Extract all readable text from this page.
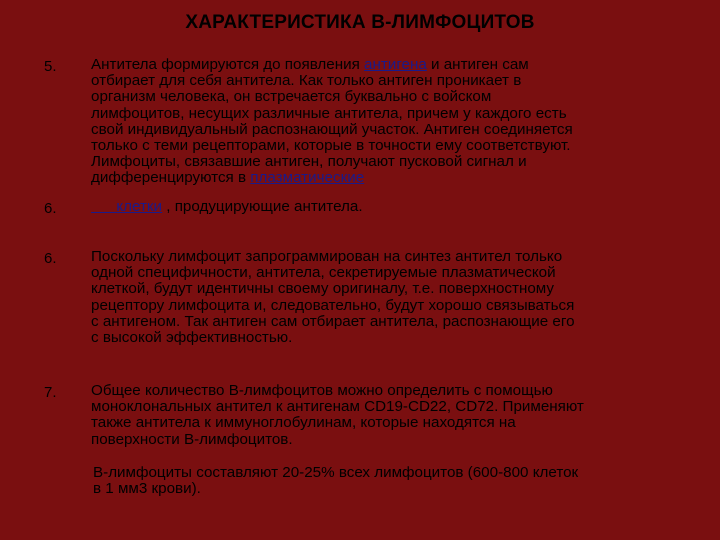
ХАРАКТЕРИСТИКА В-ЛИМФОЦИТОВ
5. Антитела формируются до появления антигена и антиген сам
отбирает для себя антитела. Как только антиген проникает в
организм человека, он встречается буквально с войском
лимфоцитов, несущих различные антитела, причем у каждого есть
свой индивидуальный распознающий участок. Антиген соединяется
только с теми рецепторами, которые в точности ему соответствуют.
Лимфоциты, связавшие антиген, получают пусковой сигнал и
дифференцируются в плазматические
6.	клетки , продуцирующие антитела.
6. Поскольку лимфоцит запрограммирован на синтез антител только
одной специфичности, антитела, секретируемые плазматической
клеткой, будут идентичны своему оригиналу, т.е. поверхностному
рецептору лимфоцита и, следовательно, будут хорошо связываться
с антигеном. Так антиген сам отбирает антитела, распознающие его
с высокой эффективностью.
7. Общее количество В-лимфоцитов можно определить с помощью
моноклональных антител к антигенам CD19-CD22, CD72. Применяют
также антитела к иммуноглобулинам, которые находятся на
поверхности В-лимфоцитов.
В-лимфоциты составляют 20-25% всех лимфоцитов (600-800 клеток
в 1 мм3 крови).
